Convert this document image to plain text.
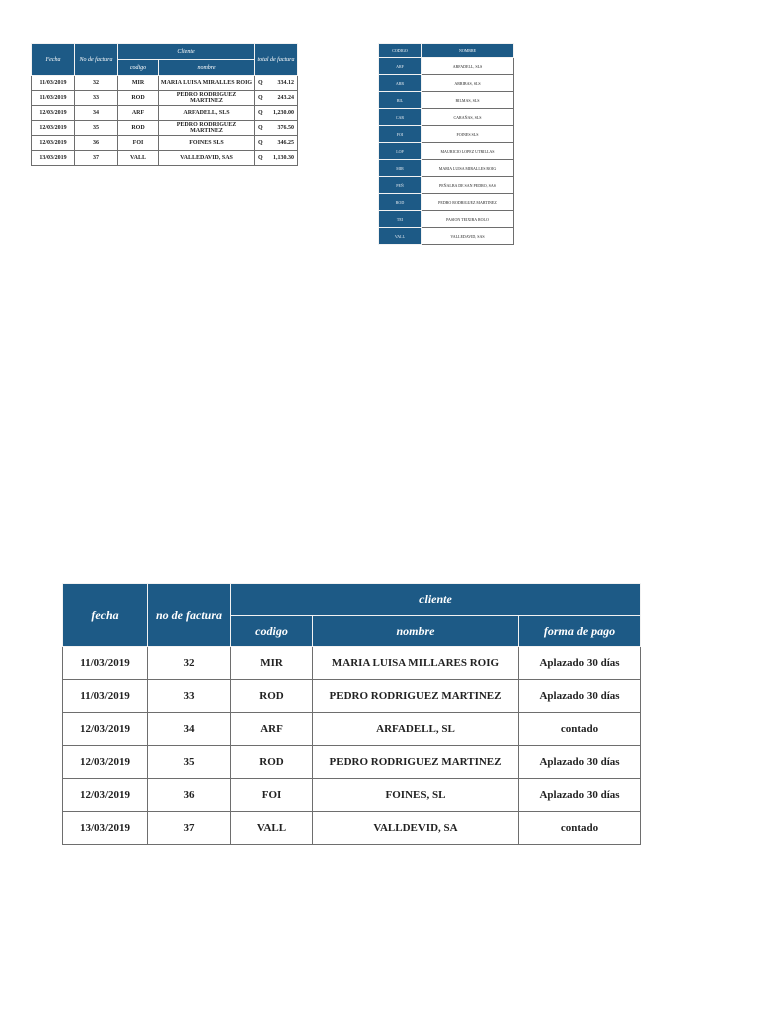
Fecha	No de factura	Cliente		total de factura
		codigo	nombre	
11/03/2019	32	MIR	MARIA LUISA MIRALLES ROIG	Q 334.12
11/03/2019	33	ROD	PEDRO RODRIGUEZ MARTINEZ	Q 243.24
12/03/2019	34	ARF	ARFADELL, SLS	Q 1,230.00
12/03/2019	35	ROD	PEDRO RODRIGUEZ MARTINEZ	Q 376.50
12/03/2019	36	FOI	FOINES SLS	Q 346.25
13/03/2019	37	VALL	VALLEDAVID, SAS	Q 1,130.30
CODIGO	NOMBRE
ARF	ARFADELL, SLS
ARR	ARRIBAS, SLS
BIL	BILMAS, SLS
CAR	CARAÑAS, SLS
FOI	FOINES SLS
LOP	MAURICIO LOPEZ UTRILLAS
MIR	MARIA LUISA MIRALLES ROIG
PEÑ	PEÑALBA DE SAN PEDRO, SAS
ROD	PEDRO RODRIGUEZ MARTINEZ
TEI	PASION TEIXIRA ROLO
VALL	VALLEDAVID, SAS
fecha	no de factura	cliente		
		codigo	nombre	forma de pago
11/03/2019	32	MIR	MARIA LUISA MILLARES ROIG	Aplazado 30 días
11/03/2019	33	ROD	PEDRO RODRIGUEZ MARTINEZ	Aplazado 30 días
12/03/2019	34	ARF	ARFADELL, SL	contado
12/03/2019	35	ROD	PEDRO RODRIGUEZ MARTINEZ	Aplazado 30 días
12/03/2019	36	FOI	FOINES, SL	Aplazado 30 días
13/03/2019	37	VALL	VALLDEVID, SA	contado
